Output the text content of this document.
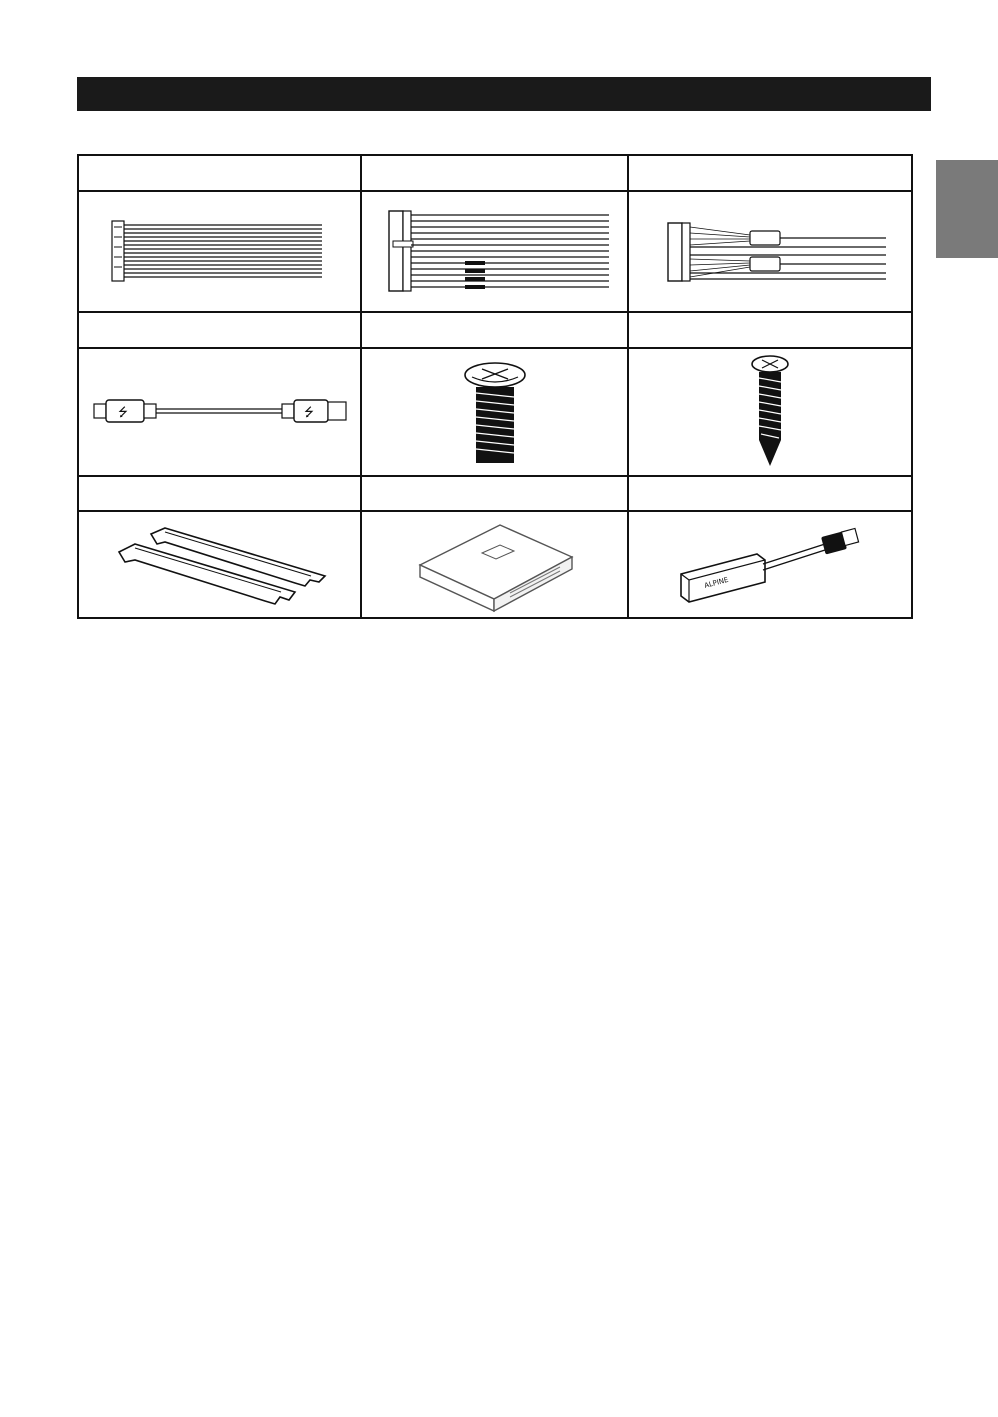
⭍	⭍
ALPINE
